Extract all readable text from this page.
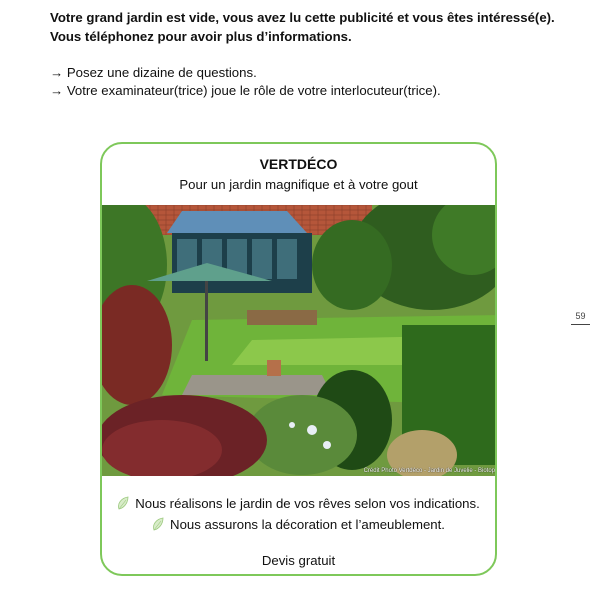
Votre grand jardin est vide, vous avez lu cette publicité et vous êtes intéressé(e).

Vous téléphonez pour avoir plus d’informations.

→ Posez une dizaine de questions.

→ Votre examinateur(trice) joue le rôle de votre interlocuteur(trice).

59
VERTDÉCO
Pour un jardin magnifique et à votre gout
Crédit Photo Vertdéco - Jardin de Juvelie - Biotop
Nous réalisons le jardin de vos rêves selon vos indications.
Nous assurons la décoration et l’ameublement.
Devis gratuit
